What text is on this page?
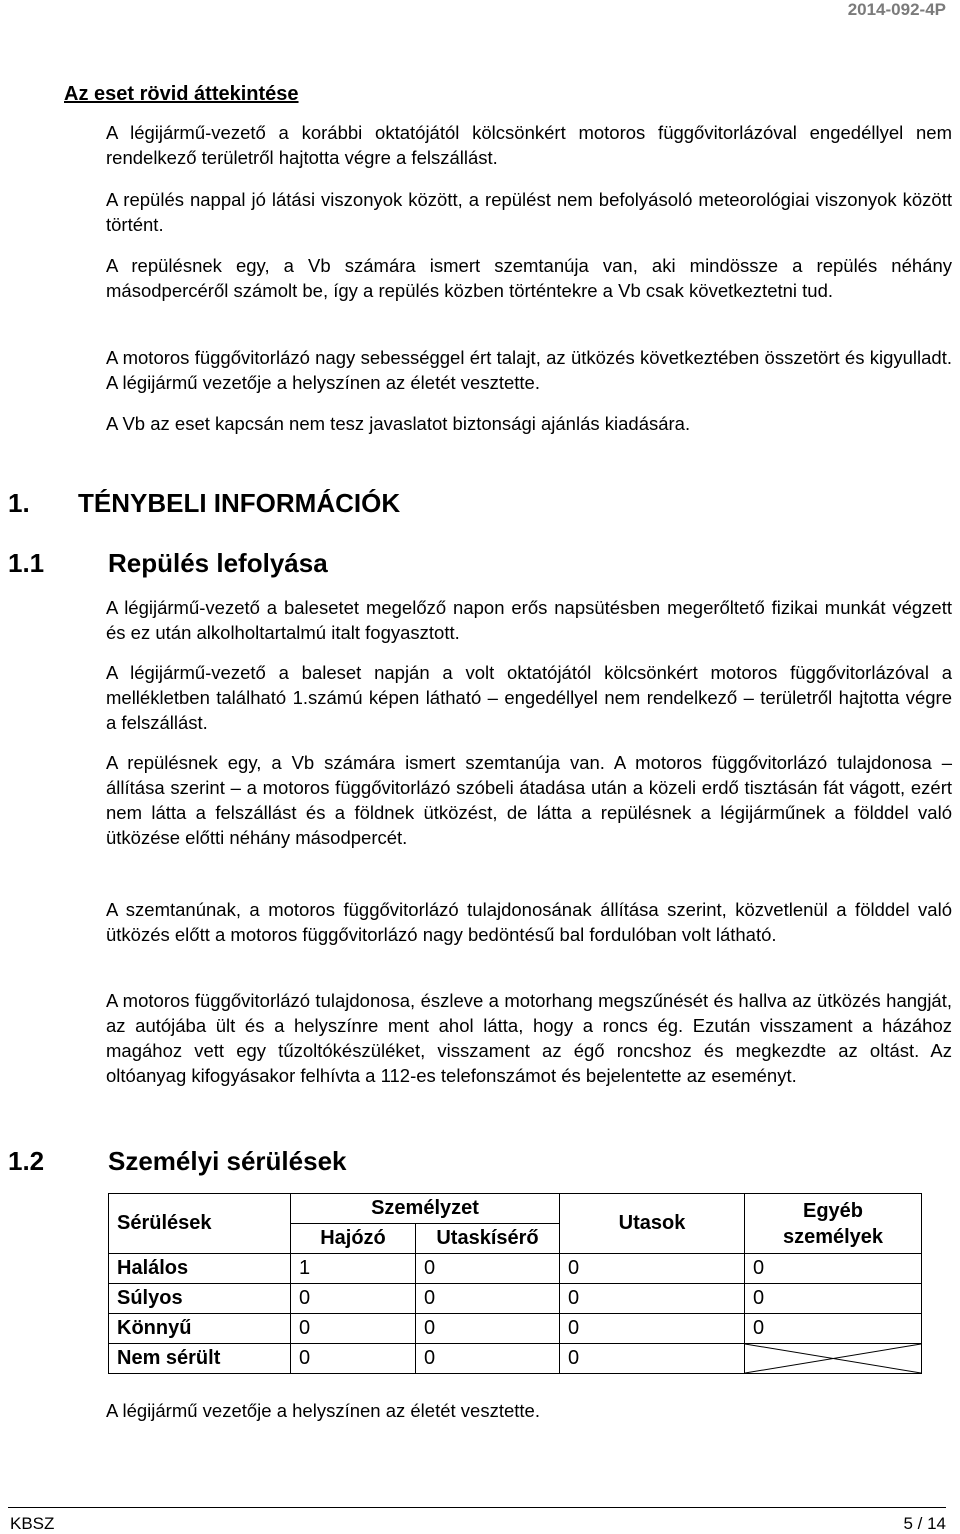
2014-092-4P
Az eset rövid áttekintése

A légijármű-vezető a korábbi oktatójától kölcsönkért motoros függővitorlázóval engedéllyel nem rendelkező területről hajtotta végre a felszállást.

A repülés nappal jó látási viszonyok között, a repülést nem befolyásoló meteorológiai viszonyok között történt.

A repülésnek egy, a Vb számára ismert szemtanúja van, aki mindössze a repülés néhány másodpercéről számolt be, így a repülés közben történtekre a Vb csak következtetni tud.

A motoros függővitorlázó nagy sebességgel ért talajt, az ütközés következtében összetört és kigyulladt. A légijármű vezetője a helyszínen az életét vesztette.

A Vb az eset kapcsán nem tesz javaslatot biztonsági ajánlás kiadására.

1. TÉNYBELI INFORMÁCIÓK
1.1 Repülés lefolyása

A légijármű-vezető a balesetet megelőző napon erős napsütésben megerőltető fizikai munkát végzett és ez után alkolholtartalmú italt fogyasztott.

A légijármű-vezető a baleset napján a volt oktatójától kölcsönkért motoros függővitorlázóval a mellékletben található 1.számú képen látható – engedéllyel nem rendelkező – területről hajtotta végre a felszállást.

A repülésnek egy, a Vb számára ismert szemtanúja van. A motoros függővitorlázó tulajdonosa – állítása szerint – a motoros függővitorlázó szóbeli átadása után a közeli erdő tisztásán fát vágott, ezért nem látta a felszállást és a földnek ütközést, de látta a repülésnek a légijárműnek a földdel való ütközése előtti néhány másodpercét.

A szemtanúnak, a motoros függővitorlázó tulajdonosának állítása szerint, közvetlenül a földdel való ütközés előtt a motoros függővitorlázó nagy bedöntésű bal fordulóban volt látható.

A motoros függővitorlázó tulajdonosa, észleve a motorhang megszűnését és hallva az ütközés hangját, az autójába ült és a helyszínre ment ahol látta, hogy a roncs ég. Ezután visszament a házához magához vett egy tűzoltókészüléket, visszament az égő roncshoz és megkezdte az oltást. Az oltóanyag kifogyásakor felhívta a 112-es telefonszámot és bejelentette az eseményt.

1.2 Személyi sérülések
Sérülések	Személyzet		Utasok	Egyéb személyek
	Hajózó	Utaskísérő		
Halálos	1	0	0	0
Súlyos	0	0	0	0
Könnyű	0	0	0	0
Nem sérült	0	0	0	

A légijármű vezetője a helyszínen az életét vesztette.

KBSZ	5 / 14
